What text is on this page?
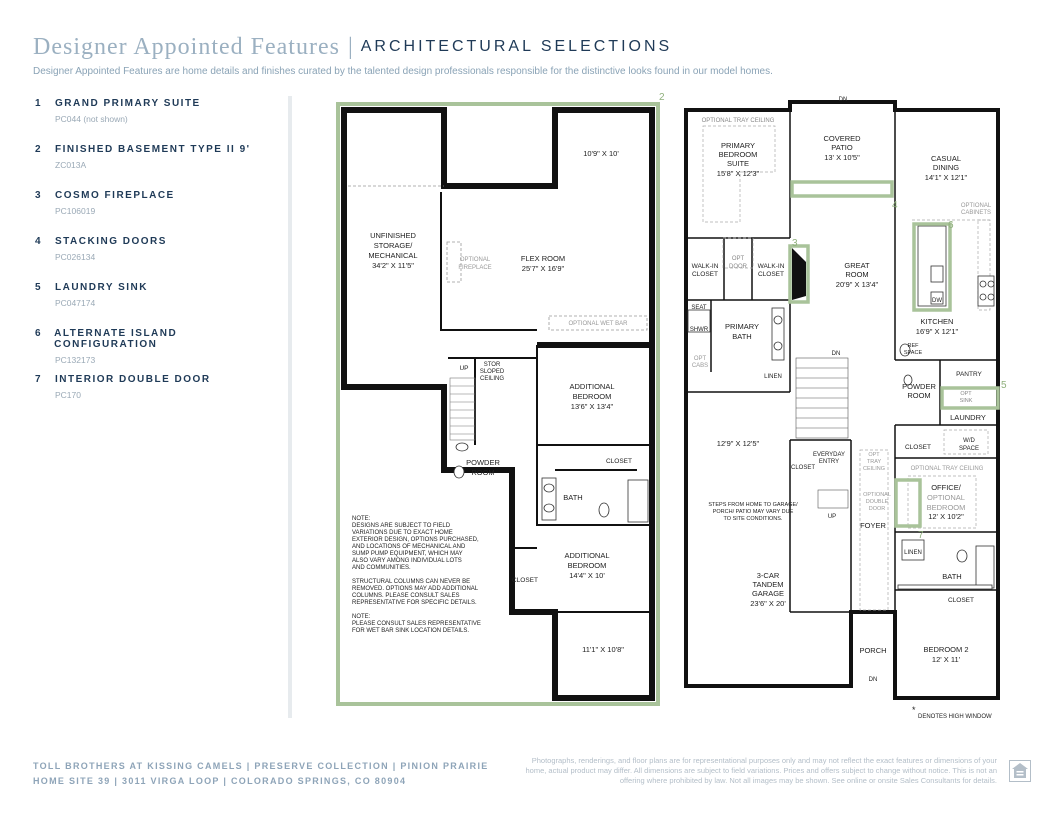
Designer Appointed Features | ARCHITECTURAL SELECTIONS
Designer Appointed Features are home details and finishes curated by the talented design professionals responsible for the distinctive looks found in our model homes.
1	GRAND PRIMARY SUITE
PC044 (not shown)
2	FINISHED BASEMENT TYPE II 9'
ZC013A
3	COSMO FIREPLACE
PC106019
4	STACKING DOORS
PC026134
5	LAUNDRY SINK
PC047174
6	ALTERNATE ISLAND CONFIGURATION
PC132173
7	INTERIOR DOUBLE DOOR
PC170
UNFINISHED
STORAGE/
MECHANICAL
34'2" X 11'5"
10'9" X 10'
FLEX ROOM
25'7" X 16'9"
OPTIONAL
FIREPLACE
OPTIONAL WET BAR
UP	STOR
SLOPED
CEILING
ADDITIONAL
BEDROOM
13'6" X 13'4"
CLOSET
POWDER
ROOM
BATH
ADDITIONAL
BEDROOM
14'4" X 10'
CLOSET
11'1" X 10'8"
2
NOTE:
DESIGNS ARE SUBJECT TO FIELD
VARIATIONS DUE TO EXACT HOME
EXTERIOR DESIGN, OPTIONS PURCHASED,
AND LOCATIONS OF MECHANICAL AND
SUMP PUMP EQUIPMENT, WHICH MAY
ALSO VARY AMONG INDIVIDUAL LOTS
AND COMMUNITIES.
STRUCTURAL COLUMNS CAN NEVER BE
REMOVED. OPTIONS MAY ADD ADDITIONAL
COLUMNS. PLEASE CONSULT SALES
REPRESENTATIVE FOR SPECIFIC DETAILS.
NOTE:
PLEASE CONSULT SALES REPRESENTATIVE
FOR WET BAR SINK LOCATION DETAILS.
DN
OPTIONAL TRAY CEILING
PRIMARY
BEDROOM
SUITE
15'8" X 12'3"
COVERED
PATIO
13' X 10'5"	CASUAL
DINING
14'1" X 12'1"
OPTIONAL
CABINETS
WALK-IN
CLOSET
OPT
DOOR WALK-IN
CLOSET
GREAT
ROOM
20'9" X 13'4"
DW
KITCHEN
16'9" X 12'1"
SEAT
SHWR
OPT
CABS
PRIMARY
BATH
LINEN
DN
REF
SPACE
PANTRY
POWDER
ROOM	OPT
SINK
LAUNDRY
12'9" X 12'5"	CLOSET
W/D
SPACE
EVERYDAY
ENTRY
CLOSET
OPT
TRAY
CEILING	OPTIONAL TRAY CEILING
OFFICE/
OPTIONAL
BEDROOM
12' X 10'2"
OPTIONAL
DOUBLE
DOOR
STEPS FROM HOME TO GARAGE/
PORCH/ PATIO MAY VARY DUE
TO SITE CONDITIONS.	UP
FOYER
LINEN
BATH
3-CAR
TANDEM
GARAGE
23'6" X 20'	CLOSET
PORCH
DN
BEDROOM 2
12' X 11'
*
DENOTES HIGH WINDOW
3
4
5
6
7
TOLL BROTHERS AT KISSING CAMELS | PRESERVE COLLECTION | PINION PRAIRIE
HOME SITE 39 | 3011 VIRGA LOOP | COLORADO SPRINGS, CO 80904
Photographs, renderings, and floor plans are for representational purposes only and may not reflect the exact features or dimensions of your home, actual product may differ. All dimensions are subject to field variations. Prices and offers subject to change without notice. This is not an offering where prohibited by law. Not all images may be shown. See online or onsite Sales Consultants for details.
